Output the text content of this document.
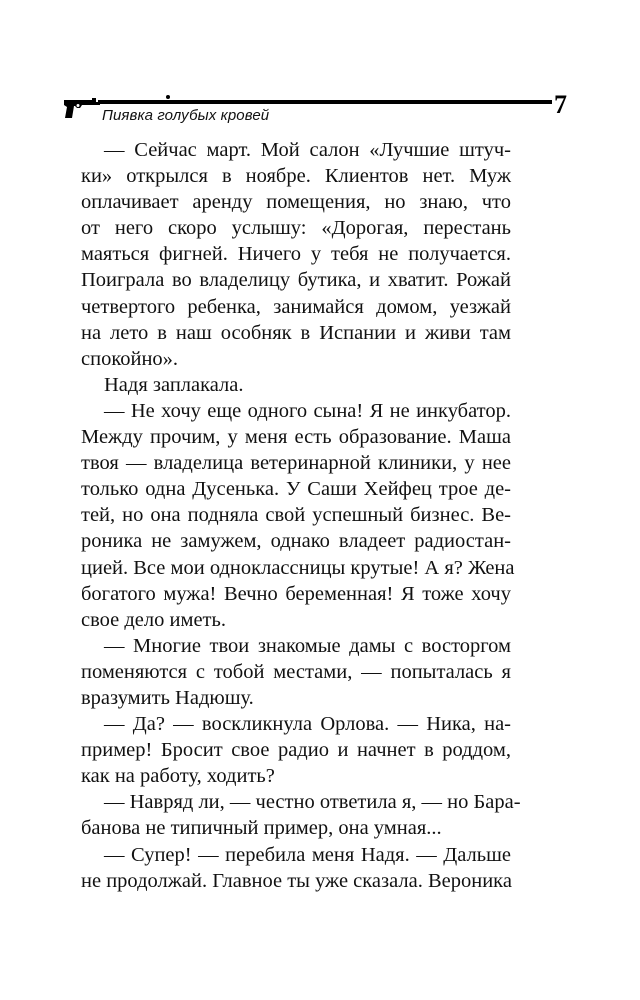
Пиявка голубых кровей	7
— Сейчас март. Мой салон «Лучшие штуч-
ки» открылся в ноябре. Клиентов нет. Муж
оплачивает аренду помещения, но знаю, что
от него скоро услышу: «Дорогая, перестань
маяться фигней. Ничего у тебя не получается.
Поиграла во владелицу бутика, и хватит. Рожай
четвертого ребенка, занимайся домом, уезжай
на лето в наш особняк в Испании и живи там
спокойно».
Надя заплакала.
— Не хочу еще одного сына! Я не инкубатор.
Между прочим, у меня есть образование. Маша
твоя — владелица ветеринарной клиники, у нее
только одна Дусенька. У Саши Хейфец трое де-
тей, но она подняла свой успешный бизнес. Ве-
роника не замужем, однако владеет радиостан-
цией. Все мои одноклассницы крутые! А я? Жена
богатого мужа! Вечно беременная! Я тоже хочу
свое дело иметь.
— Многие твои знакомые дамы с восторгом
поменяются с тобой местами, — попыталась я
вразумить Надюшу.
— Да? — воскликнула Орлова. — Ника, на-
пример! Бросит свое радио и начнет в роддом,
как на работу, ходить?
— Навряд ли, — честно ответила я, — но Бара-
банова не типичный пример, она умная...
— Супер! — перебила меня Надя. — Дальше
не продолжай. Главное ты уже сказала. Вероника
